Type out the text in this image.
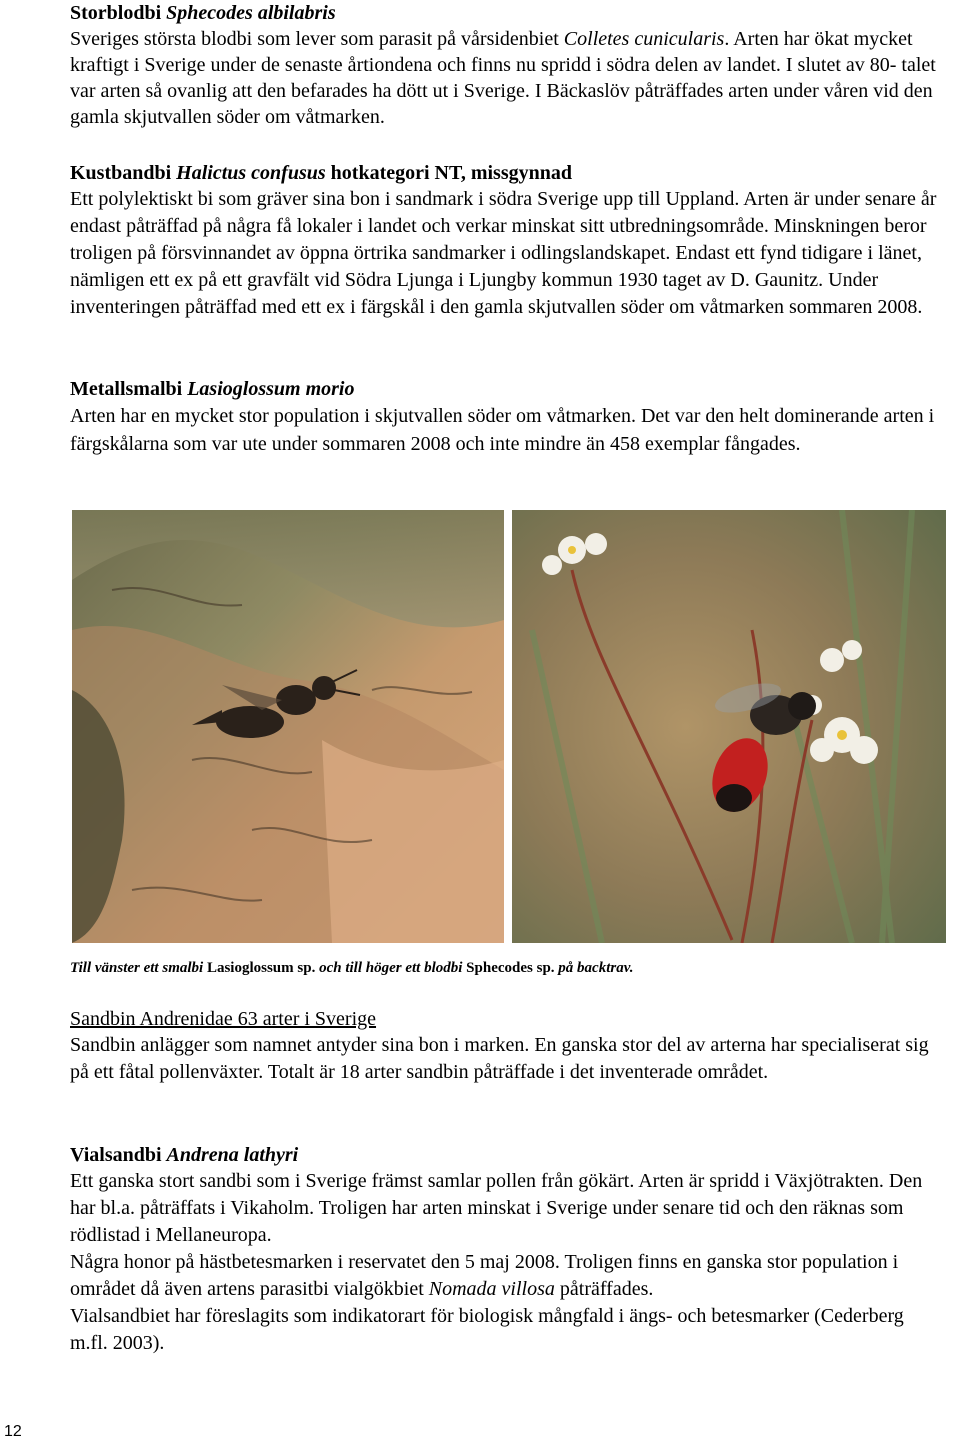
Storblodbi Sphecodes albilabris

Sveriges största blodbi som lever som parasit på vårsidenbiet Colletes cunicularis. Arten har ökat mycket kraftigt i Sverige under de senaste årtiondena och finns nu spridd i södra delen av landet. I slutet av 80- talet var arten så ovanlig att den befarades ha dött ut i Sverige. I Bäckaslöv påträffades arten under våren vid den gamla skjutvallen söder om våtmarken.

Kustbandbi Halictus confusus hotkategori NT, missgynnad

Ett polylektiskt bi som gräver sina bon i sandmark i södra Sverige upp till Uppland. Arten är under senare år endast påträffad på några få lokaler i landet och verkar minskat sitt utbredningsområde. Minskningen beror troligen på försvinnandet av öppna örtrika sandmarker i odlingslandskapet. Endast ett fynd tidigare i länet, nämligen ett ex på ett gravfält vid Södra Ljunga i Ljungby kommun 1930 taget av D. Gaunitz. Under inventeringen påträffad med ett ex i färgskål i den gamla skjutvallen söder om våtmarken sommaren 2008.

Metallsmalbi Lasioglossum morio

Arten har en mycket stor population i skjutvallen söder om våtmarken. Det var den helt dominerande arten i färgskålarna som var ute under sommaren 2008 och inte mindre än 458 exemplar fångades.

Till vänster ett smalbi Lasioglossum sp. och till höger ett blodbi Sphecodes sp. på backtrav.

Sandbin Andrenidae 63 arter i Sverige

Sandbin anlägger som namnet antyder sina bon i marken. En ganska stor del av arterna har specialiserat sig på ett fåtal pollenväxter. Totalt är 18 arter sandbin påträffade i det inventerade området.

Vialsandbi Andrena lathyri

Ett ganska stort sandbi som i Sverige främst samlar pollen från gökärt. Arten är spridd i Växjötrakten. Den har bl.a. påträffats i Vikaholm. Troligen har arten minskat i Sverige under senare tid och den räknas som rödlistad i Mellaneuropa.

Några honor på hästbetesmarken i reservatet den 5 maj 2008. Troligen finns en ganska stor population i området då även artens parasitbi vialgökbiet Nomada villosa påträffades.

Vialsandbiet har föreslagits som indikatorart för biologisk mångfald i ängs- och betesmarker (Cederberg m.fl. 2003).

12
